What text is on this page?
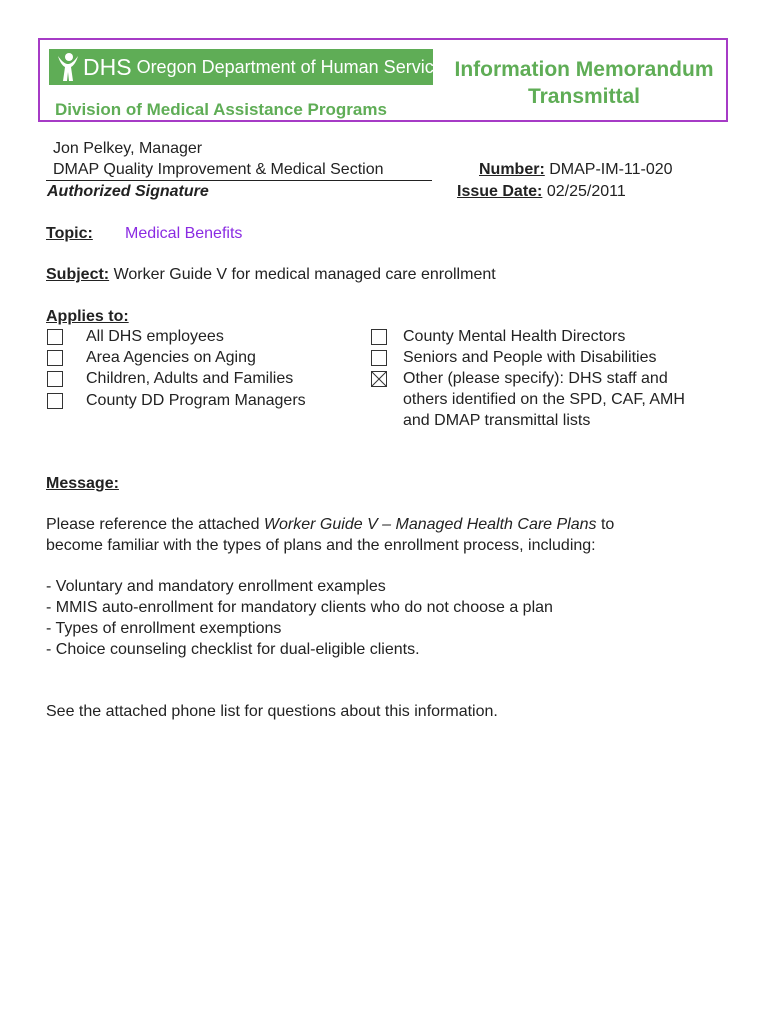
DHS Oregon Department of Human Services
Division of Medical Assistance Programs
Information Memorandum
Transmittal
Jon Pelkey, Manager
DMAP Quality Improvement & Medical Section
Authorized Signature
Number: DMAP-IM-11-020
Issue Date: 02/25/2011
Topic: Medical Benefits
Subject: Worker Guide V for medical managed care enrollment
Applies to:
All DHS employees
Area Agencies on Aging
Children, Adults and Families
County DD Program Managers
County Mental Health Directors
Seniors and People with Disabilities
Other (please specify): DHS staff and
others identified on the SPD, CAF, AMH
and DMAP transmittal lists
Message:
Please reference the attached Worker Guide V – Managed Health Care Plans to
become familiar with the types of plans and the enrollment process, including:
- Voluntary and mandatory enrollment examples
- MMIS auto-enrollment for mandatory clients who do not choose a plan
- Types of enrollment exemptions
- Choice counseling checklist for dual-eligible clients.
See the attached phone list for questions about this information.
